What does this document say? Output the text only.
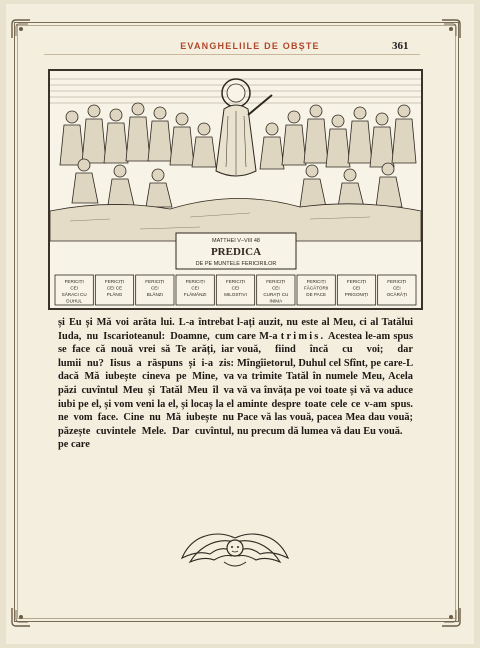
EVANGHELIILE DE OBȘTE	361
MATTHEI V–VIII 48
PREDICA
DE PE MUNTELE FERICIRILOR
FERICIȚI
CEI
SĂRACI CU
DUHUL
FERICIȚI
CEI CE
PLÂNG
FERICIȚI
CEI
BLÂNZI
FERICIȚI
CEI
FLĂMÂNZI
FERICIȚI
CEI
MILOSTIVI
FERICIȚI
CEI
CURAȚI CU
INIMA
FERICIȚI
FĂCĂTORII
DE PACE
FERICIȚI
CEI
PRIGONIȚI
FERICIȚI
CEI
OCĂRÂȚI

și Eu și Mă voi arăta lui. L-a întrebat Iuda, nu Iscarioteanul: Doamne, cum se face că nouă vrei să Te arăți, iar lumii nu? Iisus a răspuns și i-a zis: dacă Mă iubește cineva pe Mine, va păzi cuvîntul Meu și Tatăl Meu îl va iubi pe el, și vom veni la el, și locaș la el ne vom face. Cine nu Mă iubește nu păzește cuvintele Mele. Dar cuvîntul, pe care

l-ați auzit, nu este al Meu, ci al Tatălui care M-a trimis. Acestea le-am spus vouă, fiind încă cu voi; dar Mîngîietorul, Duhul cel Sfînt, pe care-L va trimite Tatăl în numele Meu, Acela vă va învăța pe voi toate și vă va aduce aminte despre toate cele ce v-am spus. Pace vă las vouă, pacea Mea dau vouă; nu precum dă lumea vă dau Eu vouă.
